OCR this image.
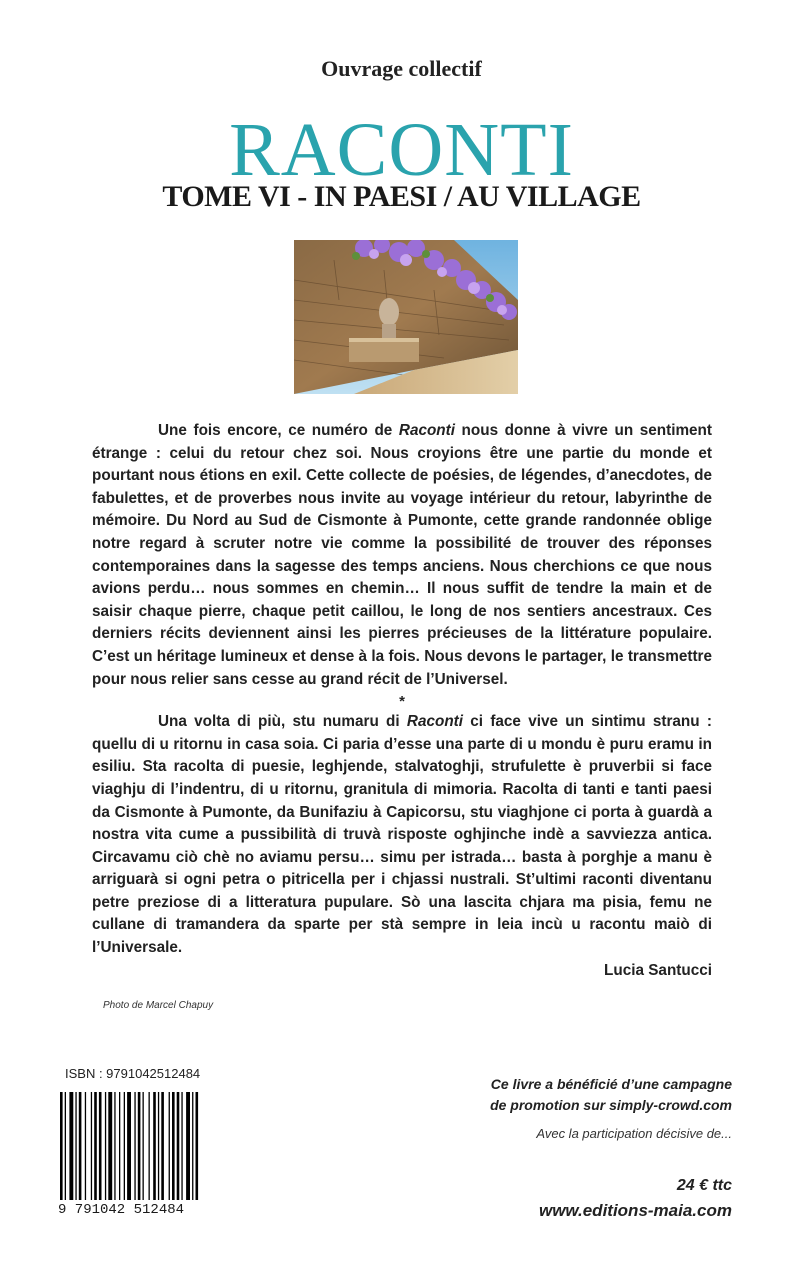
Ouvrage collectif
RACONTI
TOME VI - IN PAESI / AU VILLAGE

Une fois encore, ce numéro de Raconti nous donne à vivre un sentiment étrange : celui du retour chez soi. Nous croyions être une partie du monde et pourtant nous étions en exil. Cette collecte de poésies, de légendes, d’anecdotes, de fabulettes, et de proverbes nous invite au voyage intérieur du retour, labyrinthe de mémoire. Du Nord au Sud de Cismonte à Pumonte, cette grande randonnée oblige notre regard à scruter notre vie comme la possibilité de trouver des réponses contemporaines dans la sagesse des temps anciens. Nous cherchions ce que nous avions perdu… nous sommes en chemin… Il nous suffit de tendre la main et de saisir chaque pierre, chaque petit caillou, le long de nos sentiers ancestraux. Ces derniers récits deviennent ainsi les pierres précieuses de la littérature populaire. C’est un héritage lumineux et dense à la fois. Nous devons le partager, le transmettre pour nous relier sans cesse au grand récit de l’Universel.

*

Una volta di più, stu numaru di Raconti ci face vive un sintimu stranu : quellu di u ritornu in casa soia. Ci paria d’esse una parte di u mondu è puru eramu in esiliu. Sta racolta di puesie, leghjende, stalvatoghji, strufulette è pruverbii si face viaghju di l’indentru, di u ritornu, granitula di mimoria. Racolta di tanti e tanti paesi da Cismonte à Pumonte, da Bunifaziu à Capicorsu, stu viaghjone ci porta à guardà a nostra vita cume a pussibilità di truvà risposte oghjinche indè a savviezza antica. Circavamu ciò chè no aviamu persu… simu per istrada… basta à porghje a manu è arriguarà si ogni petra o pitricella per i chjassi nustrali. St’ultimi raconti diventanu petre preziose di a litteratura pupulare. Sò una lascita chjara ma pisia, femu ne cullane di tramandera da sparte per stà sempre in leia incù u racontu maiò di l’Universale.

Lucia Santucci
Photo de Marcel Chapuy
ISBN : 9791042512484
9 791042 512484
Ce livre a bénéficié d’une campagne
de promotion sur simply-crowd.com
Avec la participation décisive de...
24 € ttc
www.editions-maia.com
